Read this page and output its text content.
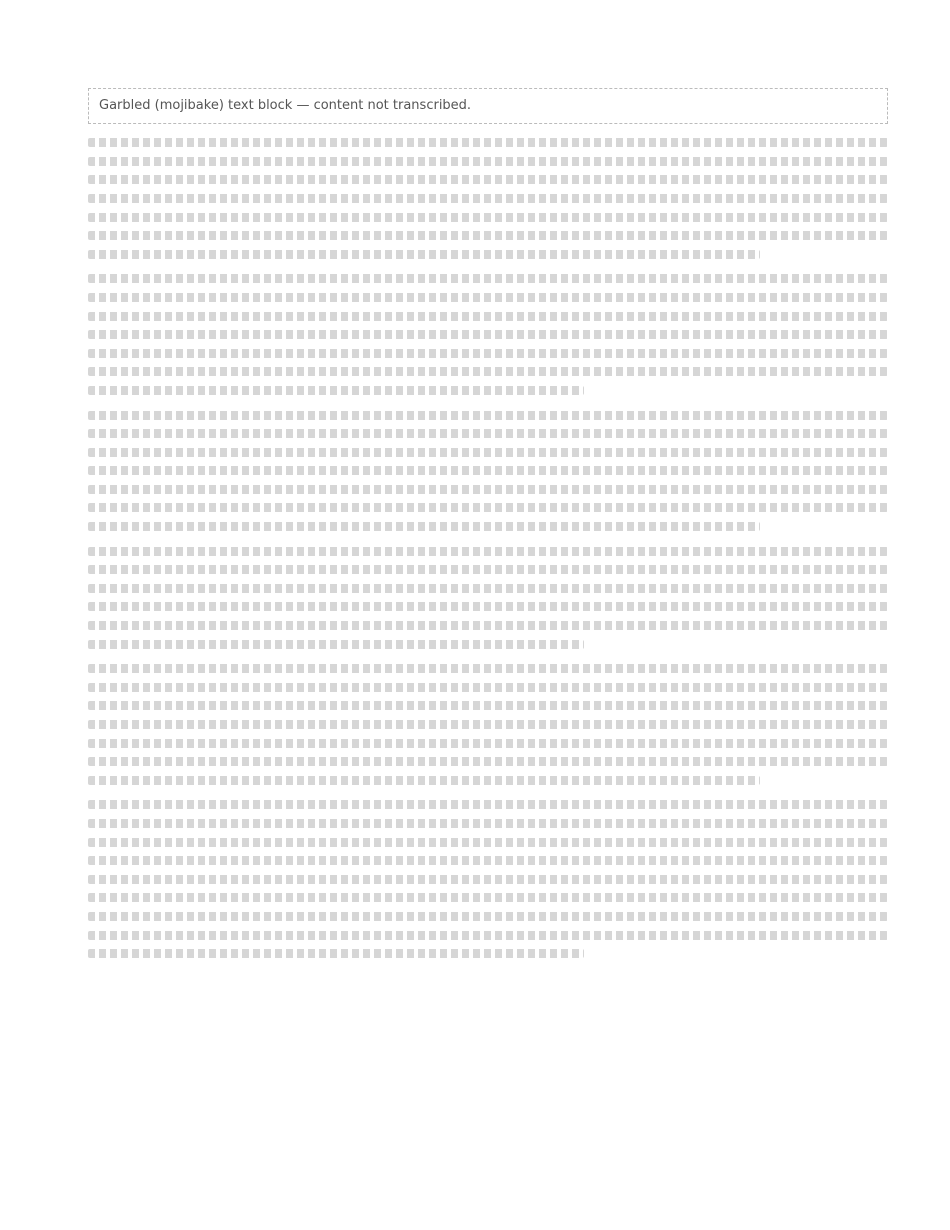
Garbled (mojibake) text block — content not transcribed.
